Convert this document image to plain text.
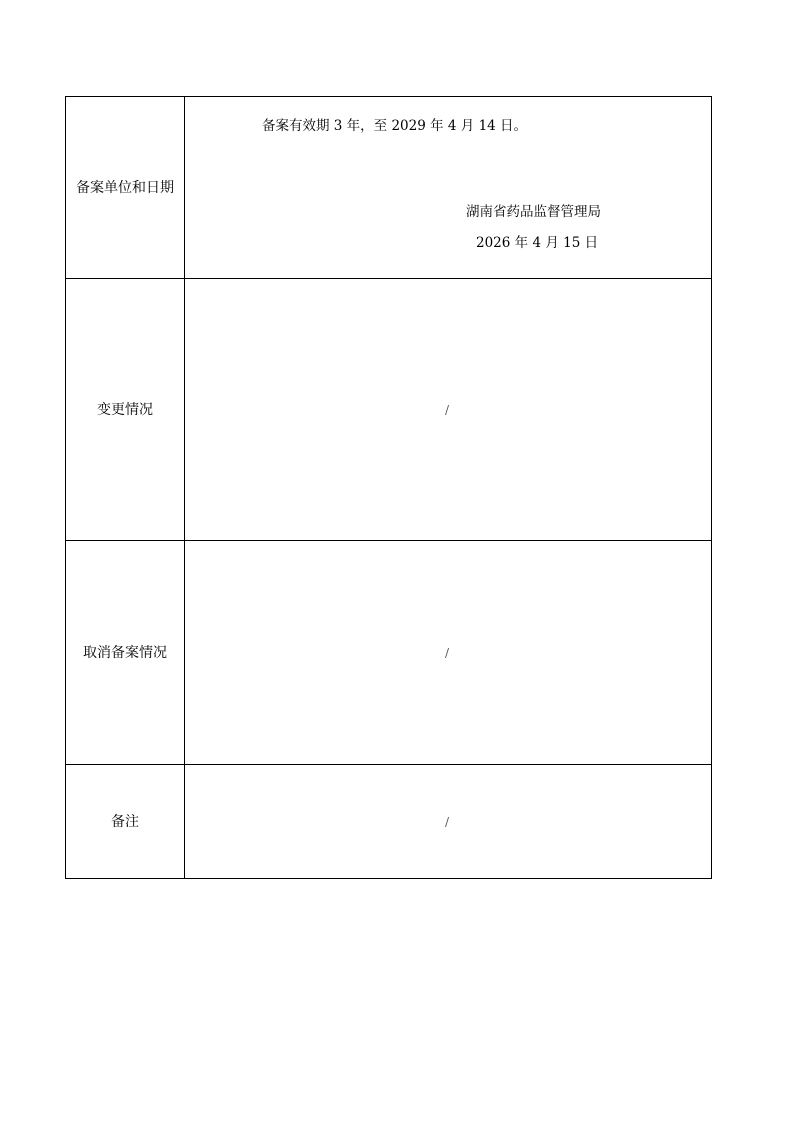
备案单位和日期	备案有效期 3 年，至 2029 年 4 月 14 日。
湖南省药品监督管理局
2026 年 4 月 15 日

变更情况	/

取消备案情况	/

备注	/
